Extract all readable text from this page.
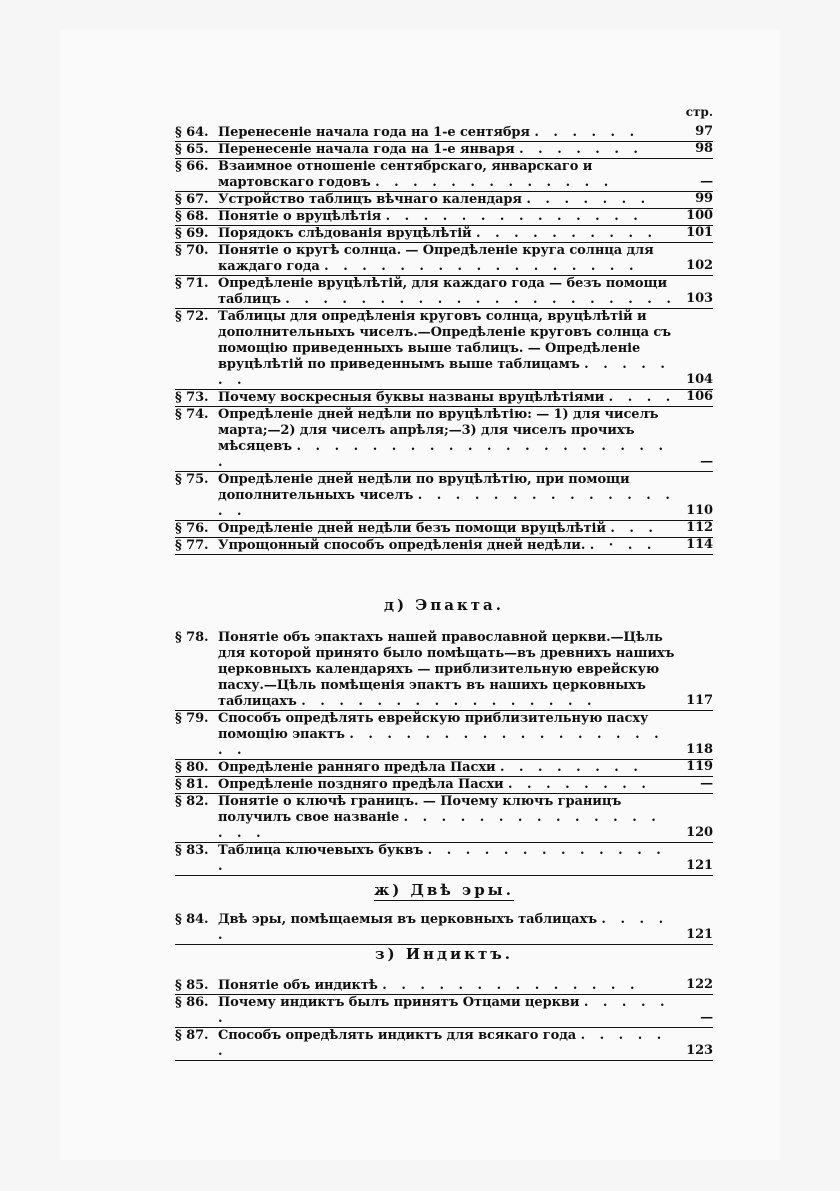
стр.
§ 64. Перенесеніе начала года на 1-е сентября . . . . . .	97
§ 65. Перенесеніе начала года на 1-е января . . . . . . .	98
§ 66. Взаимное отношеніе сентябрскаго, январскаго и мартовскаго годовъ . . . . . . . . . . . . .	—
§ 67. Устройство таблицъ вѣчнаго календаря . . . . . . .	99
§ 68. Понятіе о вруцѣлѣтія . . . . . . . . . . . . . .	100
§ 69. Порядокъ слѣдованія вруцѣлѣтій . . . . . . . . . .	101
§ 70. Понятіе о кругѣ солнца. — Опредѣленіе круга солнца для каждаго года . . . . . . . . . . . . . . . . .	102
§ 71. Опредѣленіе вруцѣлѣтій, для каждаго года — безъ помощи таблицъ . . . . . . . . . . . . . . . . . . . . . 103
§ 72. Таблицы для опредѣленія круговъ солнца, вруцѣлѣтій и дополнительныхъ чиселъ.—Опредѣленіе круговъ солнца съ помощію приведенныхъ выше таблицъ. — Опредѣленіе вруцѣлѣтій по приведеннымъ выше таблицамъ . . . . . . .	104
§ 73. Почему воскресныя буквы названы вруцѣлѣтіями . . . . 106
§ 74. Опредѣленіе дней недѣли по вруцѣлѣтію: — 1) для чиселъ марта;—2) для чиселъ апрѣля;—3) для чиселъ прочихъ мѣсяцевъ . . . . . . . . . . . . . . . . . . . . .	—
§ 75. Опредѣленіе дней недѣли по вруцѣлѣтію, при помощи дополнительныхъ чиселъ . . . . . . . . . . . . . . . .	110
§ 76. Опредѣленіе дней недѣли безъ помощи вруцѣлѣтій . . .	112
§ 77. Упрощонный способъ опредѣленія дней недѣли. . · . .	114
д) Эпакта.
§ 78. Понятіе объ эпактахъ нашей православной церкви.—Цѣль для которой принято было помѣщать—въ древнихъ нашихъ церковныхъ календаряхъ — приблизительную еврейскую пасху.—Цѣль помѣщенія эпактъ въ нашихъ церковныхъ таблицахъ . . . . . . . . . . . . . . . .	117
§ 79. Способъ опредѣлять еврейскую приблизительную пасху помощію эпактъ . . . . . . . . . . . . . . . . . . .	118
§ 80. Опредѣленіе ранняго предѣла Пасхи . . . . . . . .	119
§ 81. Опредѣленіе поздняго предѣла Пасхи . . . . . . . .	—
§ 82. Понятіе о ключѣ границъ. — Почему ключъ границъ получилъ свое названіе . . . . . . . . . . . . . . . . .	120
§ 83. Таблица ключевыхъ буквъ . . . . . . . . . . . . . .	121
ж) Двѣ эры.
§ 84. Двѣ эры, помѣщаемыя въ церковныхъ таблицахъ . . . . .	121
з) Индиктъ.
§ 85. Понятіе объ индиктѣ . . . . . . . . . . . . . .	122
§ 86. Почему индиктъ былъ принятъ Отцами церкви . . . . . .	—
§ 87. Способъ опредѣлять индиктъ для всякаго года . . . . . .	123
